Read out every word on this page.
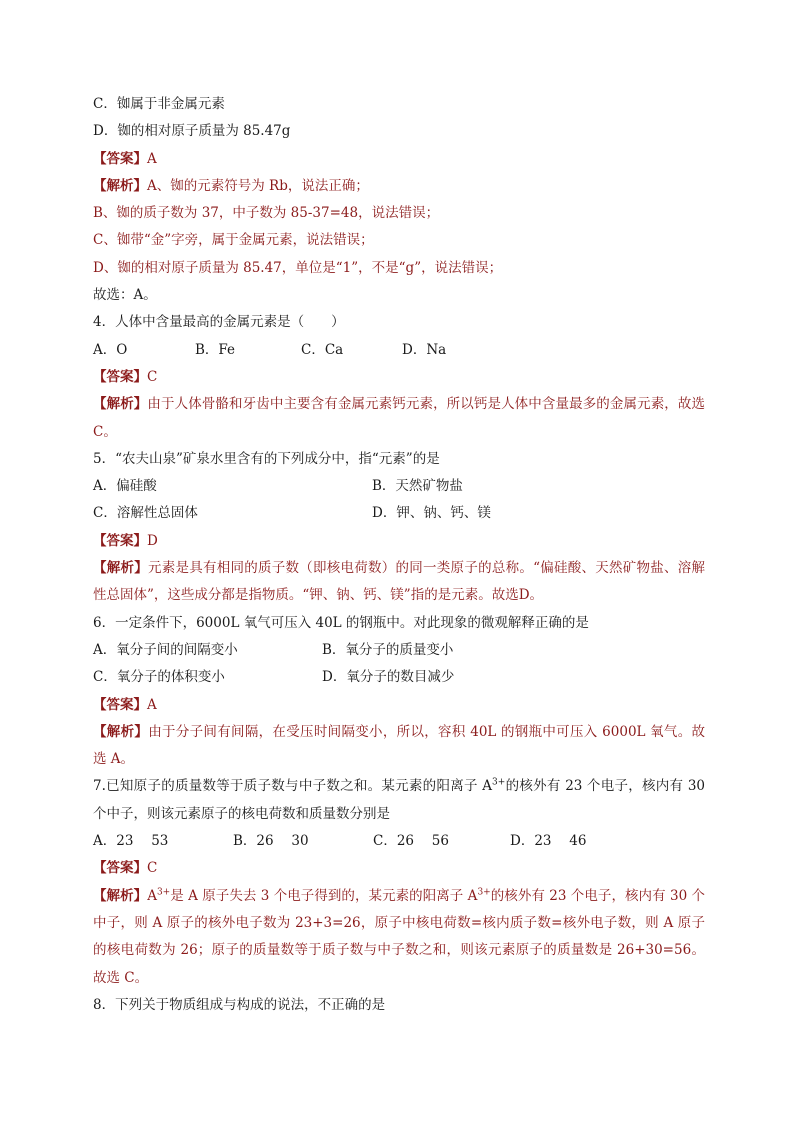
C．铷属于非金属元素
D．铷的相对原子质量为 85.47g
【答案】A
【解析】A、铷的元素符号为 Rb，说法正确；
B、铷的质子数为 37，中子数为 85-37=48，说法错误；
C、铷带“金”字旁，属于金属元素，说法错误；
D、铷的相对原子质量为 85.47，单位是“1”，不是“g”，说法错误；
故选：A。
4．人体中含量最高的金属元素是（　　）
A．O	B．Fe	C．Ca	D．Na
【答案】C
【解析】由于人体骨骼和牙齿中主要含有金属元素钙元素，所以钙是人体中含量最多的金属元素，故选 C。
5．“农夫山泉”矿泉水里含有的下列成分中，指“元素”的是
A．偏硅酸	B．天然矿物盐
C．溶解性总固体	D．钾、钠、钙、镁
【答案】D
【解析】元素是具有相同的质子数（即核电荷数）的同一类原子的总称。“偏硅酸、天然矿物盐、溶解性总固体”，这些成分都是指物质。“钾、钠、钙、镁”指的是元素。故选D。
6．一定条件下，6000L 氧气可压入 40L 的钢瓶中。对此现象的微观解释正确的是
A．氧分子间的间隔变小	B．氧分子的质量变小
C．氧分子的体积变小	D．氧分子的数目减少
【答案】A
【解析】由于分子间有间隔，在受压时间隔变小，所以，容积 40L 的钢瓶中可压入 6000L 氧气。故选 A。
7.已知原子的质量数等于质子数与中子数之和。某元素的阳离子 $A^{3+}$的核外有 23 个电子，核内有 30 个中子，则该元素原子的核电荷数和质量数分别是
A．23　 53	B．26　 30	C．26　 56	D．23　 46
【答案】C
【解析】$A^{3+}$是 A 原子失去 3 个电子得到的，某元素的阳离子 $A^{3+}$的核外有 23 个电子，核内有 30 个中子，则 A 原子的核外电子数为 23+3=26，原子中核电荷数=核内质子数=核外电子数，则 A 原子的核电荷数为 26；原子的质量数等于质子数与中子数之和，则该元素原子的质量数是 26+30=56。故选 C。
8．下列关于物质组成与构成的说法，不正确的是
